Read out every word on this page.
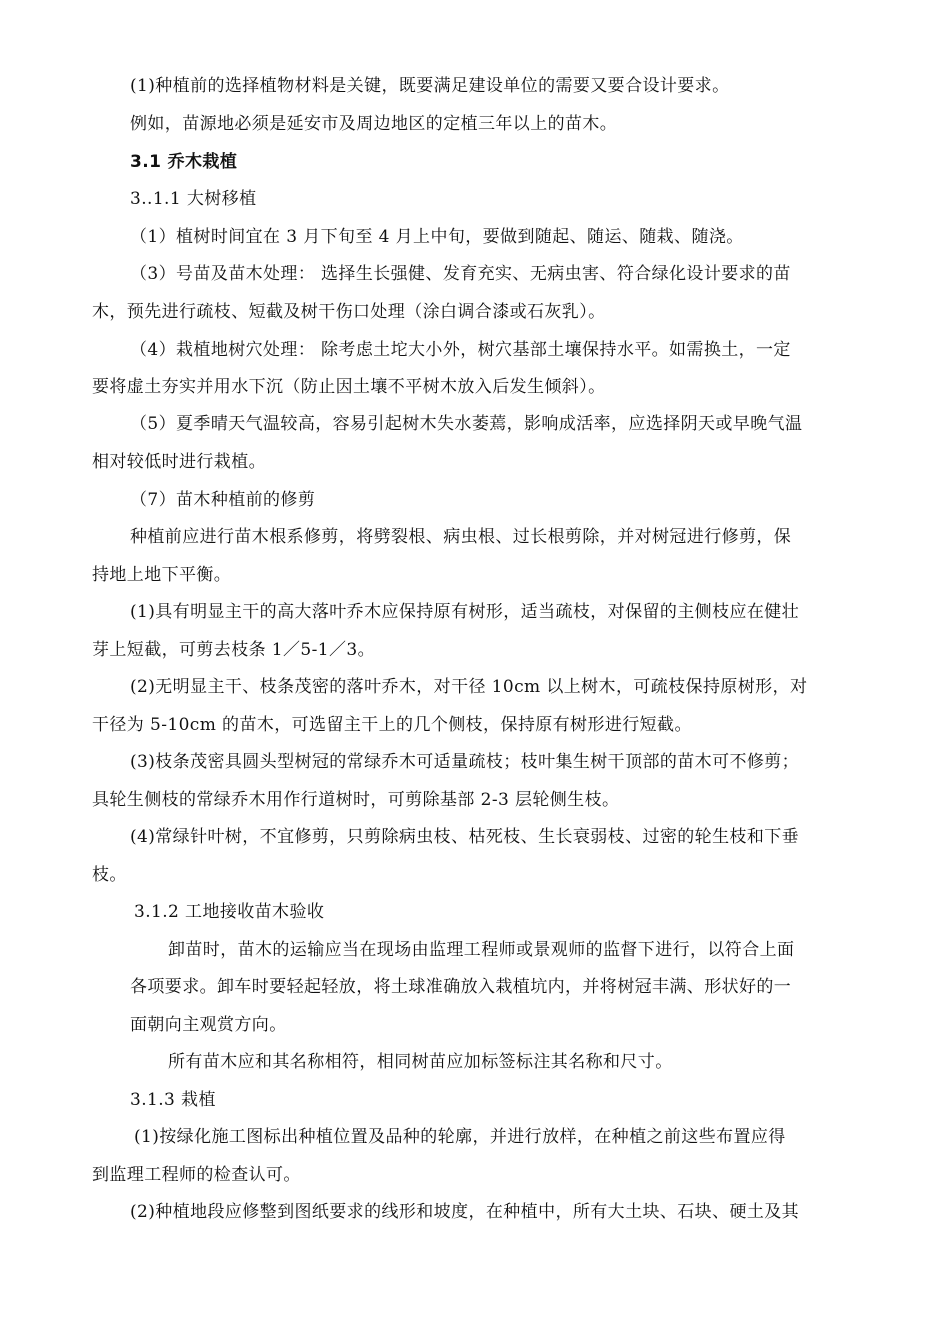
(1)种植前的选择植物材料是关键，既要满足建设单位的需要又要合设计要求。
例如，苗源地必须是延安市及周边地区的定植三年以上的苗木。
3.1 乔木栽植
3..1.1 大树移植
（1）植树时间宜在 3 月下旬至 4 月上中旬，要做到随起、随运、随栽、随浇。
（3）号苗及苗木处理： 选择生长强健、发育充实、无病虫害、符合绿化设计要求的苗
木，预先进行疏枝、短截及树干伤口处理（涂白调合漆或石灰乳）。
（4）栽植地树穴处理： 除考虑土坨大小外，树穴基部土壤保持水平。如需换土，一定
要将虚土夯实并用水下沉（防止因土壤不平树木放入后发生倾斜）。
（5）夏季晴天气温较高，容易引起树木失水萎蔫，影响成活率，应选择阴天或早晚气温
相对较低时进行栽植。
（7）苗木种植前的修剪
种植前应进行苗木根系修剪，将劈裂根、病虫根、过长根剪除，并对树冠进行修剪，保
持地上地下平衡。
(1)具有明显主干的高大落叶乔木应保持原有树形，适当疏枝，对保留的主侧枝应在健壮
芽上短截，可剪去枝条 1／5-1／3。
(2)无明显主干、枝条茂密的落叶乔木，对干径 10cm 以上树木，可疏枝保持原树形，对
干径为 5-10cm 的苗木，可选留主干上的几个侧枝，保持原有树形进行短截。
(3)枝条茂密具圆头型树冠的常绿乔木可适量疏枝；枝叶集生树干顶部的苗木可不修剪；
具轮生侧枝的常绿乔木用作行道树时，可剪除基部 2-3 层轮侧生枝。
(4)常绿针叶树，不宜修剪，只剪除病虫枝、枯死枝、生长衰弱枝、过密的轮生枝和下垂
枝。
3.1.2 工地接收苗木验收
卸苗时，苗木的运输应当在现场由监理工程师或景观师的监督下进行，以符合上面
各项要求。卸车时要轻起轻放，将土球准确放入栽植坑内，并将树冠丰满、形状好的一
面朝向主观赏方向。
所有苗木应和其名称相符，相同树苗应加标签标注其名称和尺寸。
3.1.3 栽植
(1)按绿化施工图标出种植位置及品种的轮廓，并进行放样，在种植之前这些布置应得
到监理工程师的检查认可。
(2)种植地段应修整到图纸要求的线形和坡度，在种植中，所有大土块、石块、硬土及其
